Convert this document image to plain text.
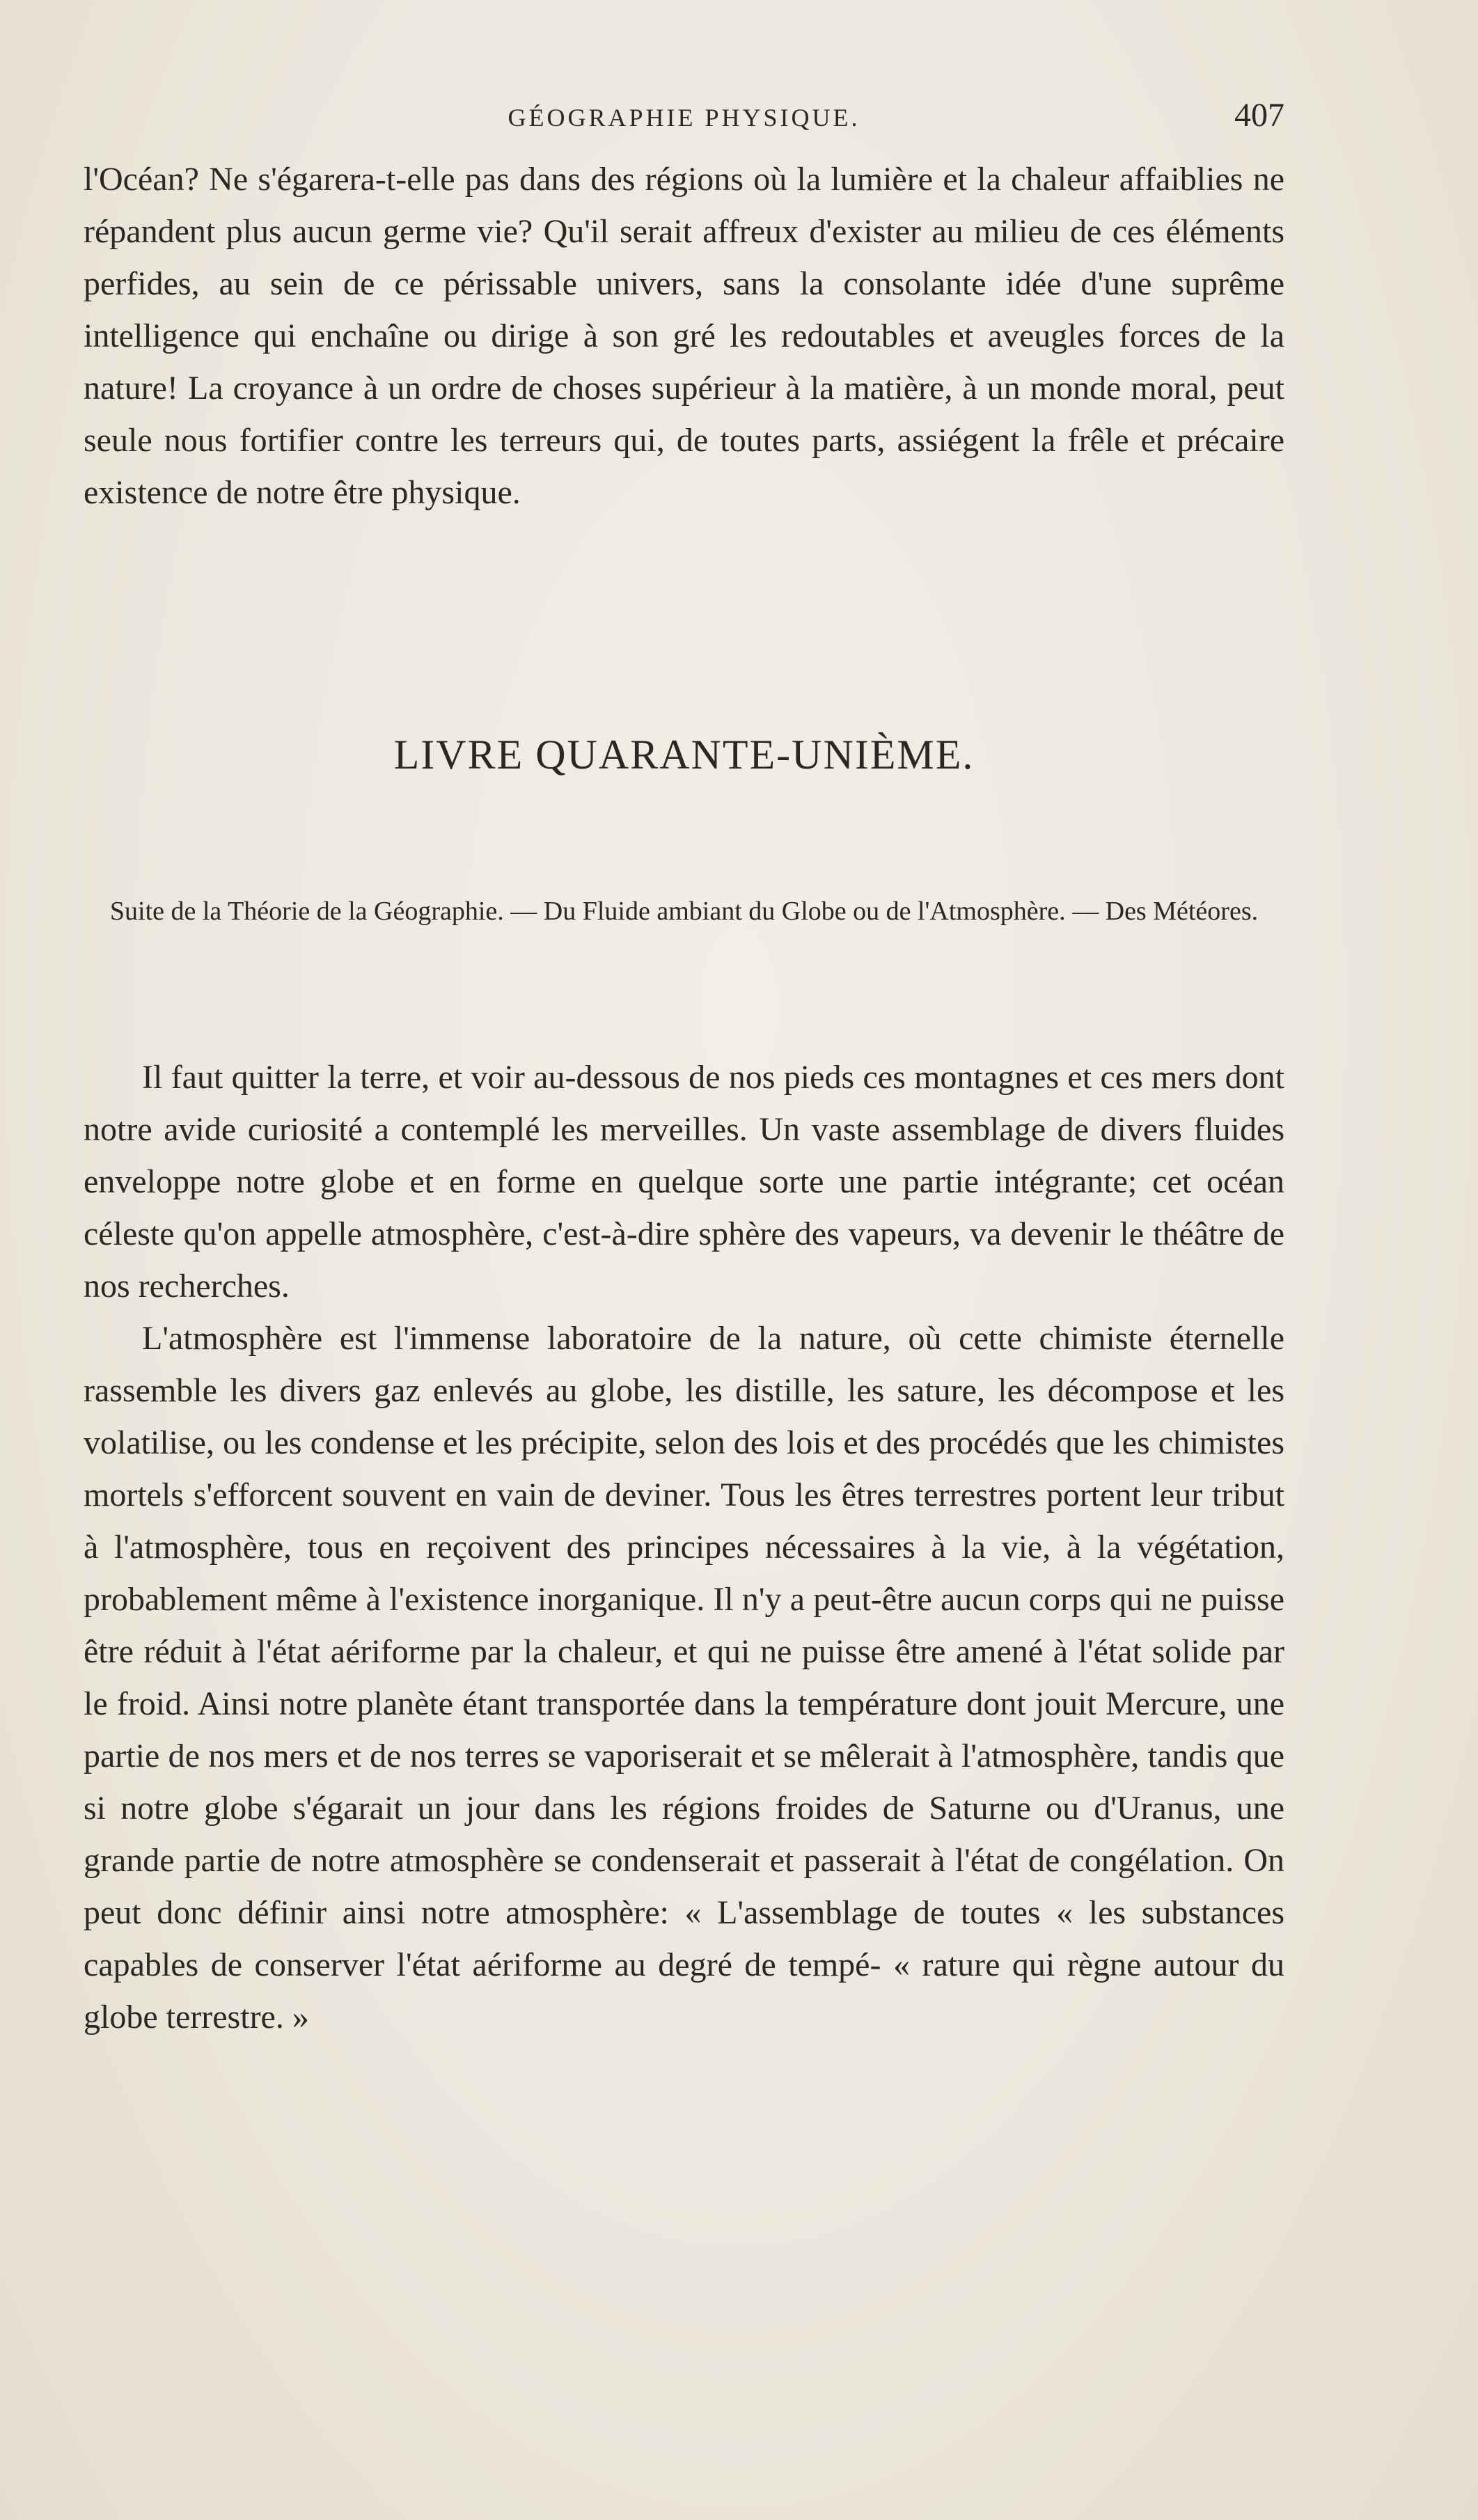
GÉOGRAPHIE PHYSIQUE.	407

l'Océan? Ne s'égarera-t-elle pas dans des régions où la lumière et la chaleur affaiblies ne répandent plus aucun germe vie? Qu'il serait affreux d'exister au milieu de ces éléments perfides, au sein de ce périssable univers, sans la consolante idée d'une suprême intelligence qui enchaîne ou dirige à son gré les redoutables et aveugles forces de la nature! La croyance à un ordre de choses supérieur à la matière, à un monde moral, peut seule nous fortifier contre les terreurs qui, de toutes parts, assiégent la frêle et précaire existence de notre être physique.

LIVRE QUARANTE-UNIÈME.
Suite de la Théorie de la Géographie. — Du Fluide ambiant du Globe ou de l'Atmosphère. — Des Météores.

Il faut quitter la terre, et voir au-dessous de nos pieds ces montagnes et ces mers dont notre avide curiosité a contemplé les merveilles. Un vaste assemblage de divers fluides enveloppe notre globe et en forme en quelque sorte une partie intégrante; cet océan céleste qu'on appelle atmosphère, c'est-à-dire sphère des vapeurs, va devenir le théâtre de nos recherches.

L'atmosphère est l'immense laboratoire de la nature, où cette chimiste éternelle rassemble les divers gaz enlevés au globe, les distille, les sature, les décompose et les volatilise, ou les condense et les précipite, selon des lois et des procédés que les chimistes mortels s'efforcent souvent en vain de deviner. Tous les êtres terrestres portent leur tribut à l'atmosphère, tous en reçoivent des principes nécessaires à la vie, à la végétation, probablement même à l'existence inorganique. Il n'y a peut-être aucun corps qui ne puisse être réduit à l'état aériforme par la chaleur, et qui ne puisse être amené à l'état solide par le froid. Ainsi notre planète étant transportée dans la température dont jouit Mercure, une partie de nos mers et de nos terres se vaporiserait et se mêlerait à l'atmosphère, tandis que si notre globe s'égarait un jour dans les régions froides de Saturne ou d'Uranus, une grande partie de notre atmosphère se condenserait et passerait à l'état de congélation. On peut donc définir ainsi notre atmosphère: « L'assemblage de toutes « les substances capables de conserver l'état aériforme au degré de tempé- « rature qui règne autour du globe terrestre. »
